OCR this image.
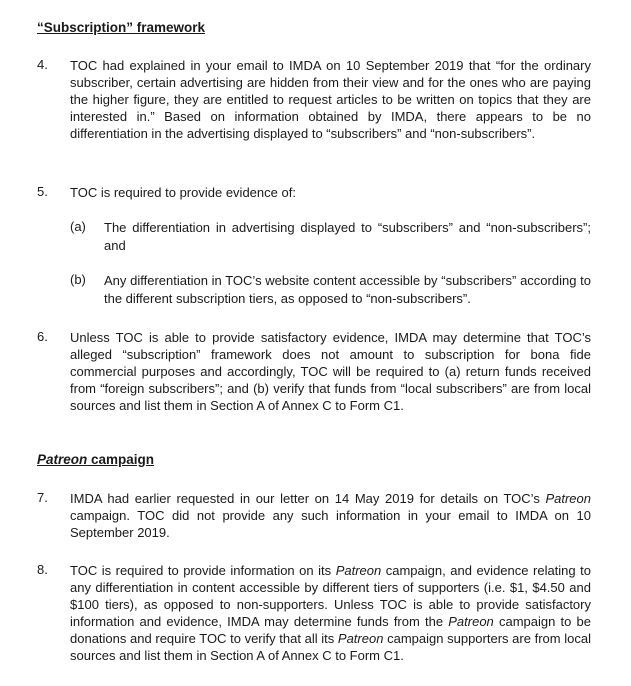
“Subscription” framework
4. TOC had explained in your email to IMDA on 10 September 2019 that “for the ordinary subscriber, certain advertising are hidden from their view and for the ones who are paying the higher figure, they are entitled to request articles to be written on topics that they are interested in.” Based on information obtained by IMDA, there appears to be no differentiation in the advertising displayed to “subscribers” and “non-subscribers”.
5. TOC is required to provide evidence of:
(a) The differentiation in advertising displayed to “subscribers” and “non-subscribers”; and
(b) Any differentiation in TOC’s website content accessible by “subscribers” according to the different subscription tiers, as opposed to “non-subscribers”.
6. Unless TOC is able to provide satisfactory evidence, IMDA may determine that TOC’s alleged “subscription” framework does not amount to subscription for bona fide commercial purposes and accordingly, TOC will be required to (a) return funds received from “foreign subscribers”; and (b) verify that funds from “local subscribers” are from local sources and list them in Section A of Annex C to Form C1.
Patreon campaign
7. IMDA had earlier requested in our letter on 14 May 2019 for details on TOC’s Patreon campaign. TOC did not provide any such information in your email to IMDA on 10 September 2019.
8. TOC is required to provide information on its Patreon campaign, and evidence relating to any differentiation in content accessible by different tiers of supporters (i.e. $1, $4.50 and $100 tiers), as opposed to non-supporters. Unless TOC is able to provide satisfactory information and evidence, IMDA may determine funds from the Patreon campaign to be donations and require TOC to verify that all its Patreon campaign supporters are from local sources and list them in Section A of Annex C to Form C1.
